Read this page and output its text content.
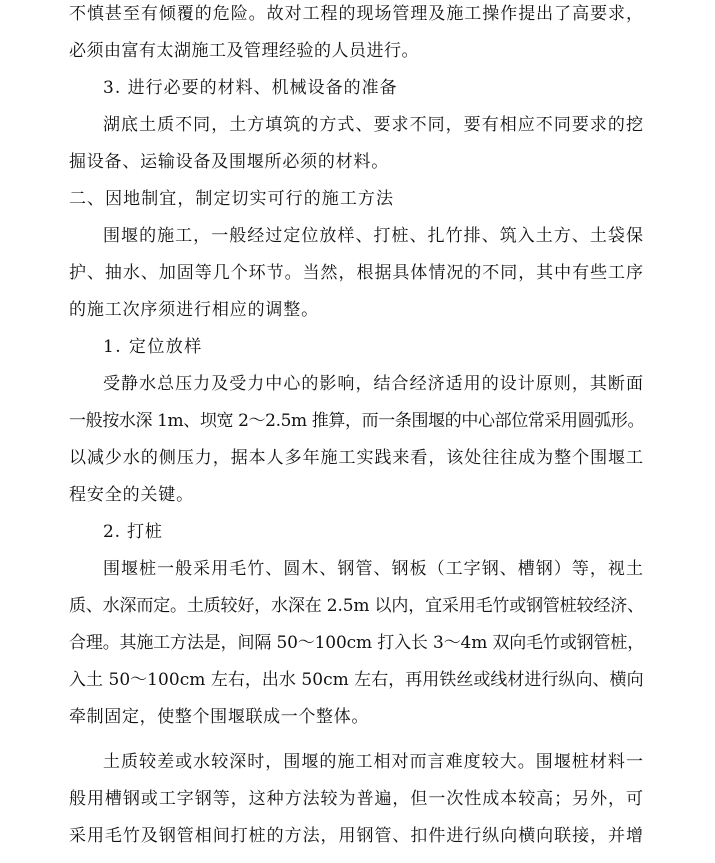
不慎甚至有倾覆的危险。故对工程的现场管理及施工操作提出了高要求，
必须由富有太湖施工及管理经验的人员进行。
3. 进行必要的材料、机械设备的准备
湖底土质不同，土方填筑的方式、要求不同，要有相应不同要求的挖
掘设备、运输设备及围堰所必须的材料。
二、因地制宜，制定切实可行的施工方法
围堰的施工，一般经过定位放样、打桩、扎竹排、筑入土方、土袋保
护、抽水、加固等几个环节。当然，根据具体情况的不同，其中有些工序
的施工次序须进行相应的调整。
1. 定位放样
受静水总压力及受力中心的影响，结合经济适用的设计原则，其断面
一般按水深 1m、坝宽 2～2.5m 推算，而一条围堰的中心部位常采用圆弧形。
以减少水的侧压力，据本人多年施工实践来看，该处往往成为整个围堰工
程安全的关键。
2. 打桩
围堰桩一般采用毛竹、圆木、钢管、钢板（工字钢、槽钢）等，视土
质、水深而定。土质较好，水深在 2.5m 以内，宜采用毛竹或钢管桩较经济、
合理。其施工方法是，间隔 50～100cm 打入长 3～4m 双向毛竹或钢管桩，
入土 50～100cm 左右，出水 50cm 左右，再用铁丝或线材进行纵向、横向
牵制固定，使整个围堰联成一个整体。
土质较差或水较深时，围堰的施工相对而言难度较大。围堰桩材料一
般用槽钢或工字钢等，这种方法较为普遍，但一次性成本较高；另外，可
采用毛竹及钢管相间打桩的方法，用钢管、扣件进行纵向横向联接，并增
